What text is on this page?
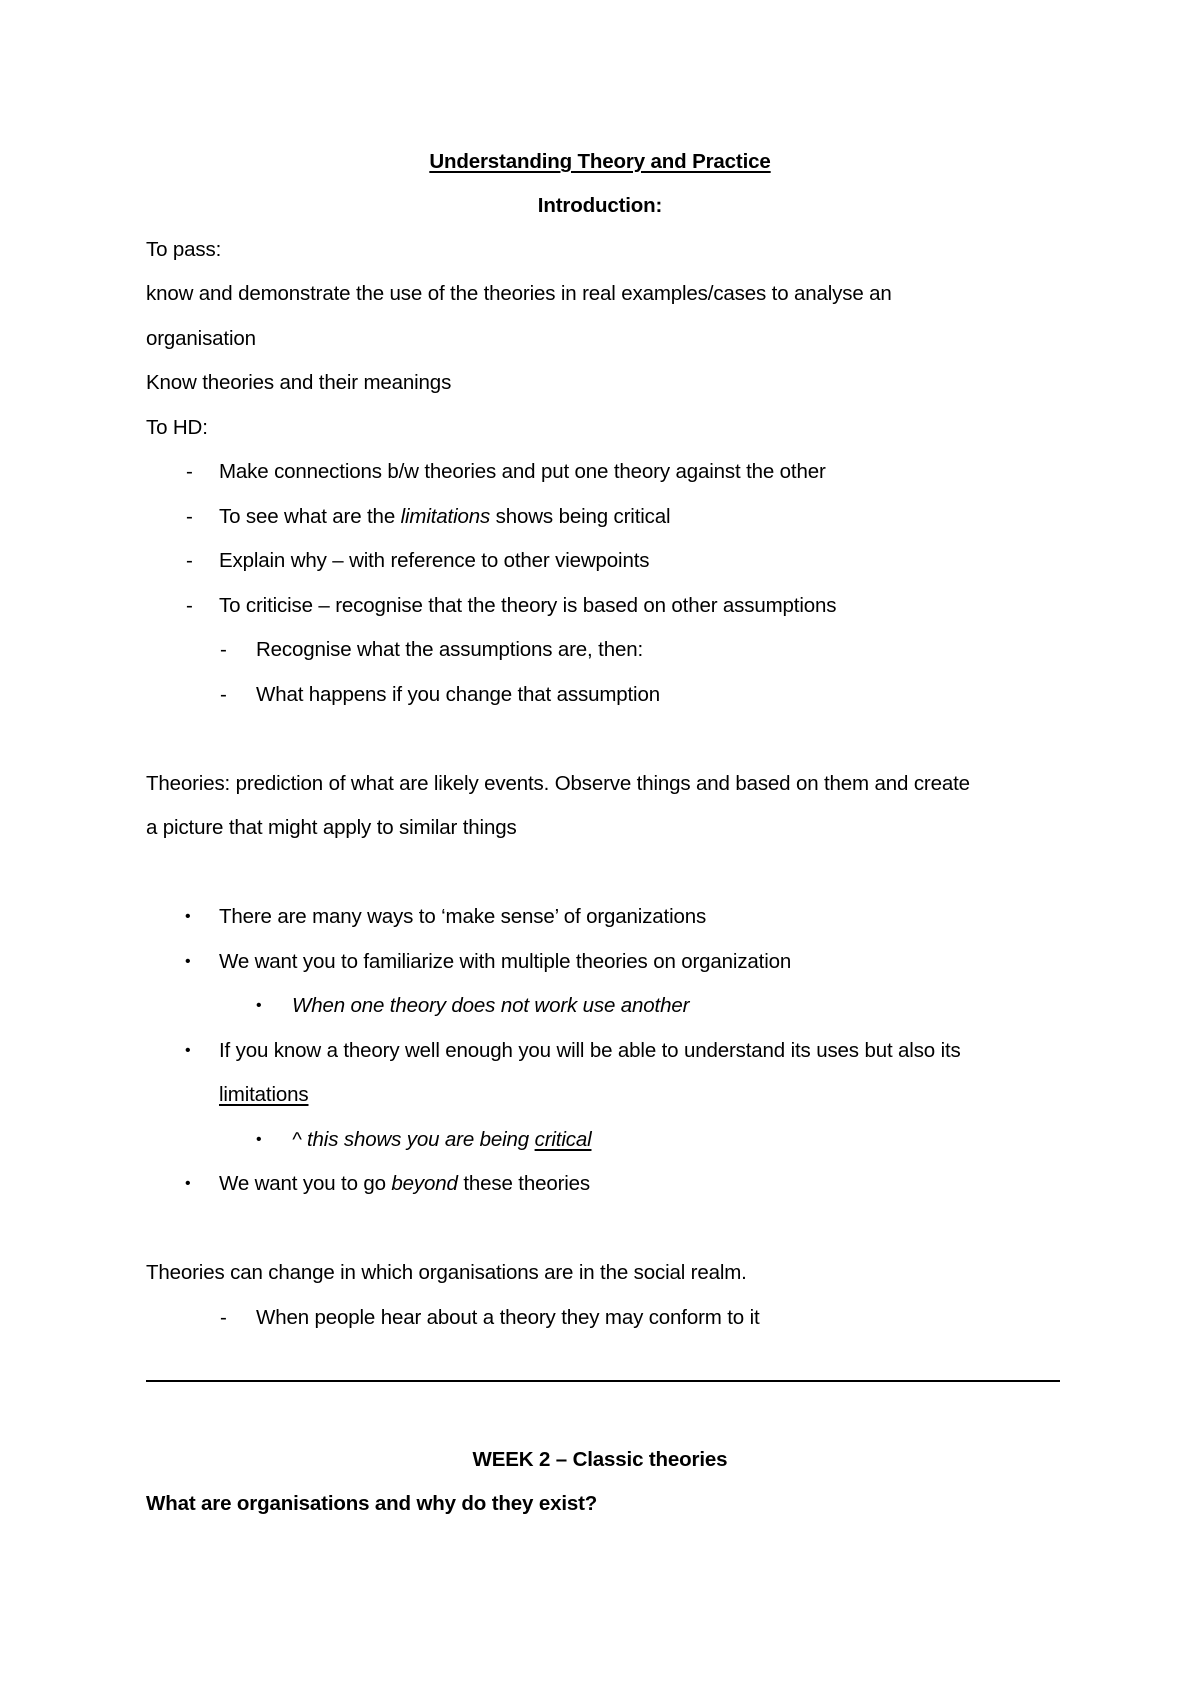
Understanding Theory and Practice
Introduction:
To pass:
know and demonstrate the use of the theories in real examples/cases to analyse an
organisation
Know theories and their meanings
To HD:
- Make connections b/w theories and put one theory against the other
- To see what are the limitations shows being critical
- Explain why – with reference to other viewpoints
- To criticise – recognise that the theory is based on other assumptions
- Recognise what the assumptions are, then:
- What happens if you change that assumption
Theories: prediction of what are likely events. Observe things and based on them and create
a picture that might apply to similar things
• There are many ways to ‘make sense’ of organizations
• We want you to familiarize with multiple theories on organization
• When one theory does not work use another
• If you know a theory well enough you will be able to understand its uses but also its
limitations
• ^ this shows you are being critical
• We want you to go beyond these theories
Theories can change in which organisations are in the social realm.
- When people hear about a theory they may conform to it
WEEK 2 – Classic theories
What are organisations and why do they exist?
